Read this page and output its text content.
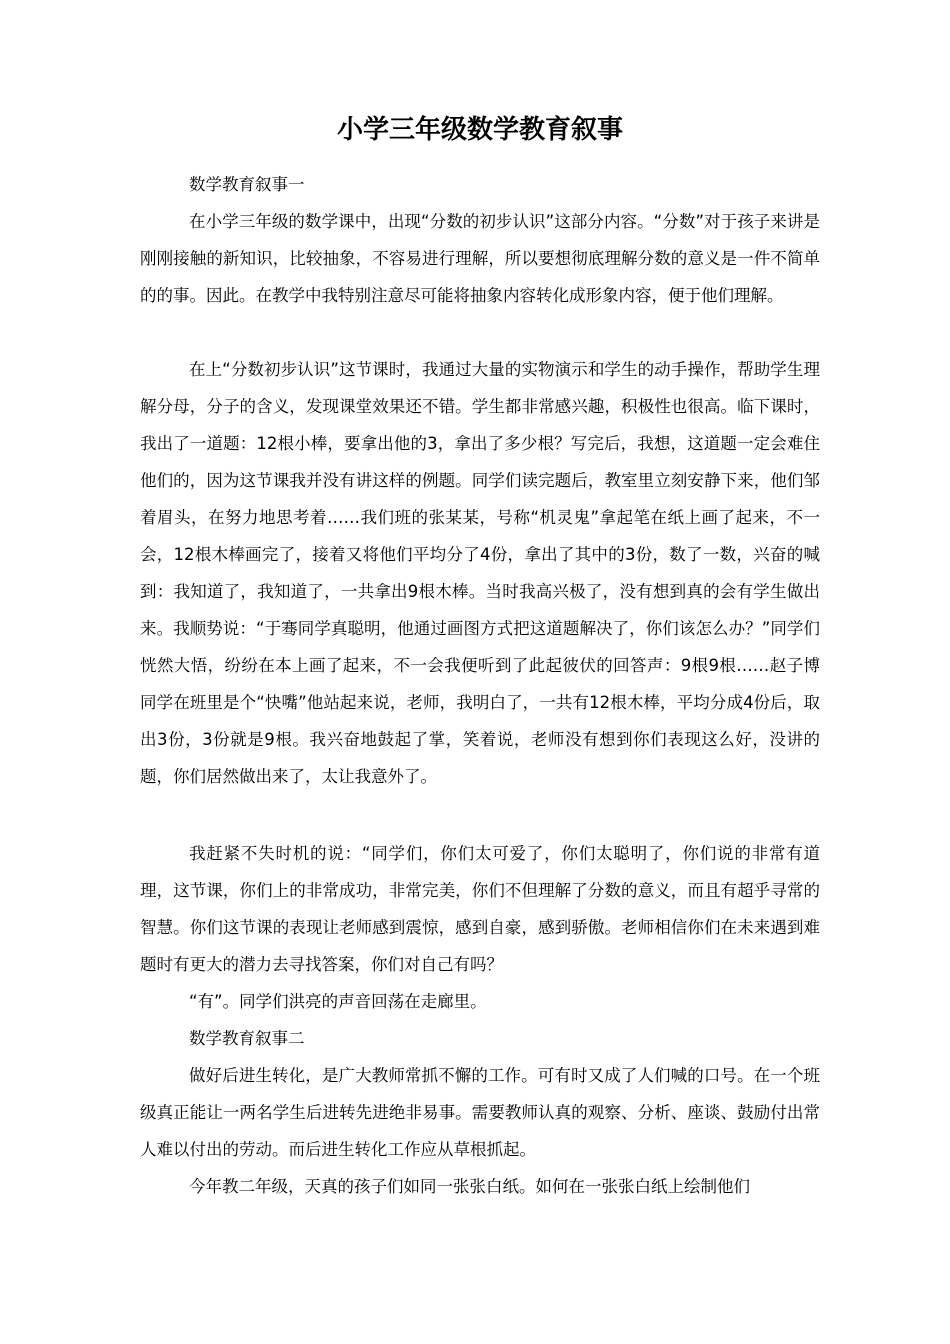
小学三年级数学教育叙事

数学教育叙事一

在小学三年级的数学课中，出现“分数的初步认识”这部分内容。“分数”对于孩子来讲是刚刚接触的新知识，比较抽象，不容易进行理解，所以要想彻底理解分数的意义是一件不简单的的事。因此。在教学中我特别注意尽可能将抽象内容转化成形象内容，便于他们理解。

在上“分数初步认识”这节课时，我通过大量的实物演示和学生的动手操作，帮助学生理解分母，分子的含义，发现课堂效果还不错。学生都非常感兴趣，积极性也很高。临下课时，我出了一道题：12根小棒，要拿出他的3，拿出了多少根？写完后，我想，这道题一定会难住他们的，因为这节课我并没有讲这样的例题。同学们读完题后，教室里立刻安静下来，他们邹着眉头，在努力地思考着……我们班的张某某，号称“机灵鬼”拿起笔在纸上画了起来，不一会，12根木棒画完了，接着又将他们平均分了4份，拿出了其中的3份，数了一数，兴奋的喊到：我知道了，我知道了，一共拿出9根木棒。当时我高兴极了，没有想到真的会有学生做出来。我顺势说：“于骞同学真聪明，他通过画图方式把这道题解决了，你们该怎么办？”同学们恍然大悟，纷纷在本上画了起来，不一会我便听到了此起彼伏的回答声：9根9根……赵子博同学在班里是个“快嘴”他站起来说，老师，我明白了，一共有12根木棒，平均分成4份后，取出3份，3份就是9根。我兴奋地鼓起了掌，笑着说，老师没有想到你们表现这么好，没讲的题，你们居然做出来了，太让我意外了。

我赶紧不失时机的说：“同学们，你们太可爱了，你们太聪明了，你们说的非常有道理，这节课，你们上的非常成功，非常完美，你们不但理解了分数的意义，而且有超乎寻常的智慧。你们这节课的表现让老师感到震惊，感到自豪，感到骄傲。老师相信你们在未来遇到难题时有更大的潜力去寻找答案，你们对自己有吗？

“有”。同学们洪亮的声音回荡在走廊里。

数学教育叙事二

做好后进生转化，是广大教师常抓不懈的工作。可有时又成了人们喊的口号。在一个班级真正能让一两名学生后进转先进绝非易事。需要教师认真的观察、分析、座谈、鼓励付出常人难以付出的劳动。而后进生转化工作应从草根抓起。

今年教二年级，天真的孩子们如同一张张白纸。如何在一张张白纸上绘制他们
